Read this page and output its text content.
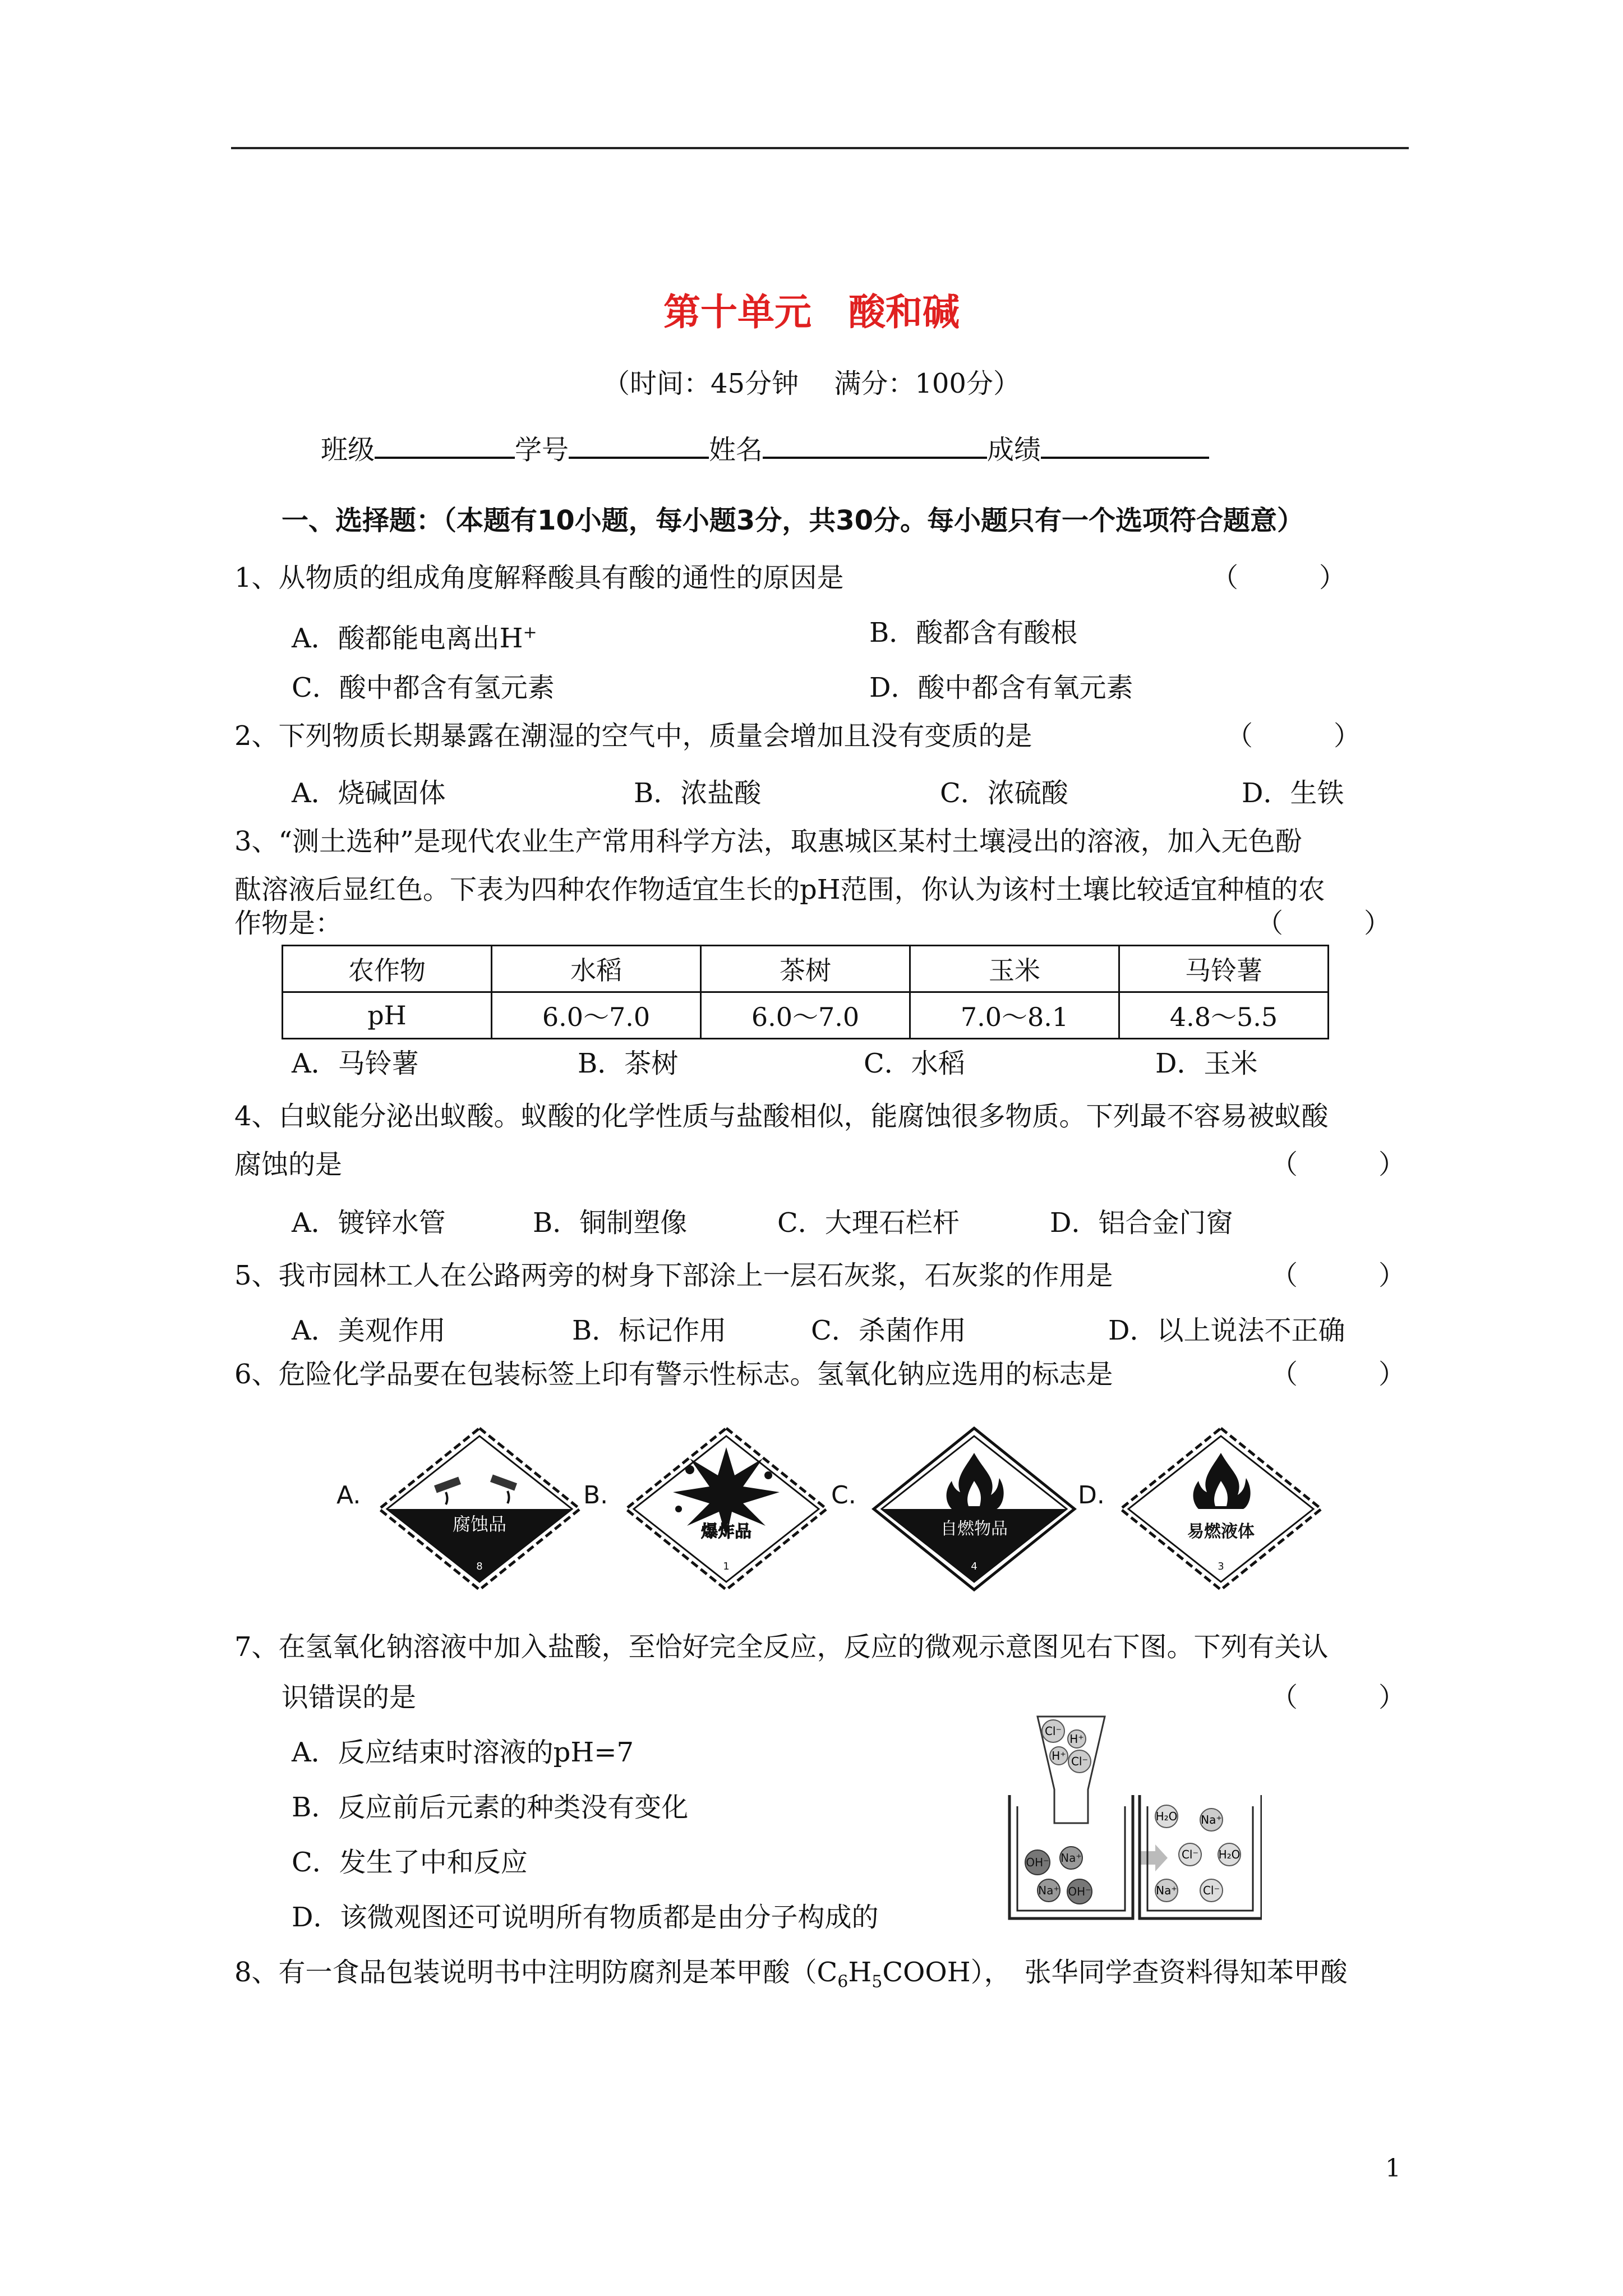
第十单元　酸和碱
（时间：45分钟　 满分：100分）
班级	学号	姓名	成绩
一、选择题：（本题有10小题，每小题3分，共30分。每小题只有一个选项符合题意）
1、从物质的组成角度解释酸具有酸的通性的原因是	（　　　）
A．酸都能电离出H+	B．酸都含有酸根
C．酸中都含有氢元素	D．酸中都含有氧元素
2、下列物质长期暴露在潮湿的空气中，质量会增加且没有变质的是	（　　　）
A．烧碱固体	B．浓盐酸	C．浓硫酸	D．生铁
3、“测土选种”是现代农业生产常用科学方法，取惠城区某村土壤浸出的溶液，加入无色酚
酞溶液后显红色。下表为四种农作物适宜生长的pH范围，你认为该村土壤比较适宜种植的农
作物是：	（　　　）
农作物	水稻	茶树	玉米	马铃薯
pH	6.0～7.0	6.0～7.0	7.0～8.1	4.8～5.5
A．马铃薯	B．茶树	C．水稻	D．玉米
4、白蚁能分泌出蚁酸。蚁酸的化学性质与盐酸相似，能腐蚀很多物质。下列最不容易被蚁酸
腐蚀的是	（　　　）
A．镀锌水管	B．铜制塑像	C．大理石栏杆	D．铝合金门窗
5、我市园林工人在公路两旁的树身下部涂上一层石灰浆，石灰浆的作用是	（　　　）
A．美观作用	B．标记作用	C．杀菌作用	D．以上说法不正确
6、危险化学品要在包装标签上印有警示性标志。氢氧化钠应选用的标志是	（　　　）
A.
腐蚀品
8
B.
爆炸品
1
C.
自燃物品
4
D.
易燃液体
3
7、在氢氧化钠溶液中加入盐酸，至恰好完全反应，反应的微观示意图见右下图。下列有关认
识错误的是	（　　　）
A．反应结束时溶液的pH=7
B．反应前后元素的种类没有变化
C．发生了中和反应
D．该微观图还可说明所有物质都是由分子构成的
Cl⁻
H⁺
H⁺ Cl⁻
OH⁻ Na⁺
Na⁺ OH⁻
H₂O Na⁺
Cl⁻ H₂O
Na⁺ Cl⁻
8、有一食品包装说明书中注明防腐剂是苯甲酸$(C_6H_5COOH)$，　张华同学查资料得知苯甲酸
1
